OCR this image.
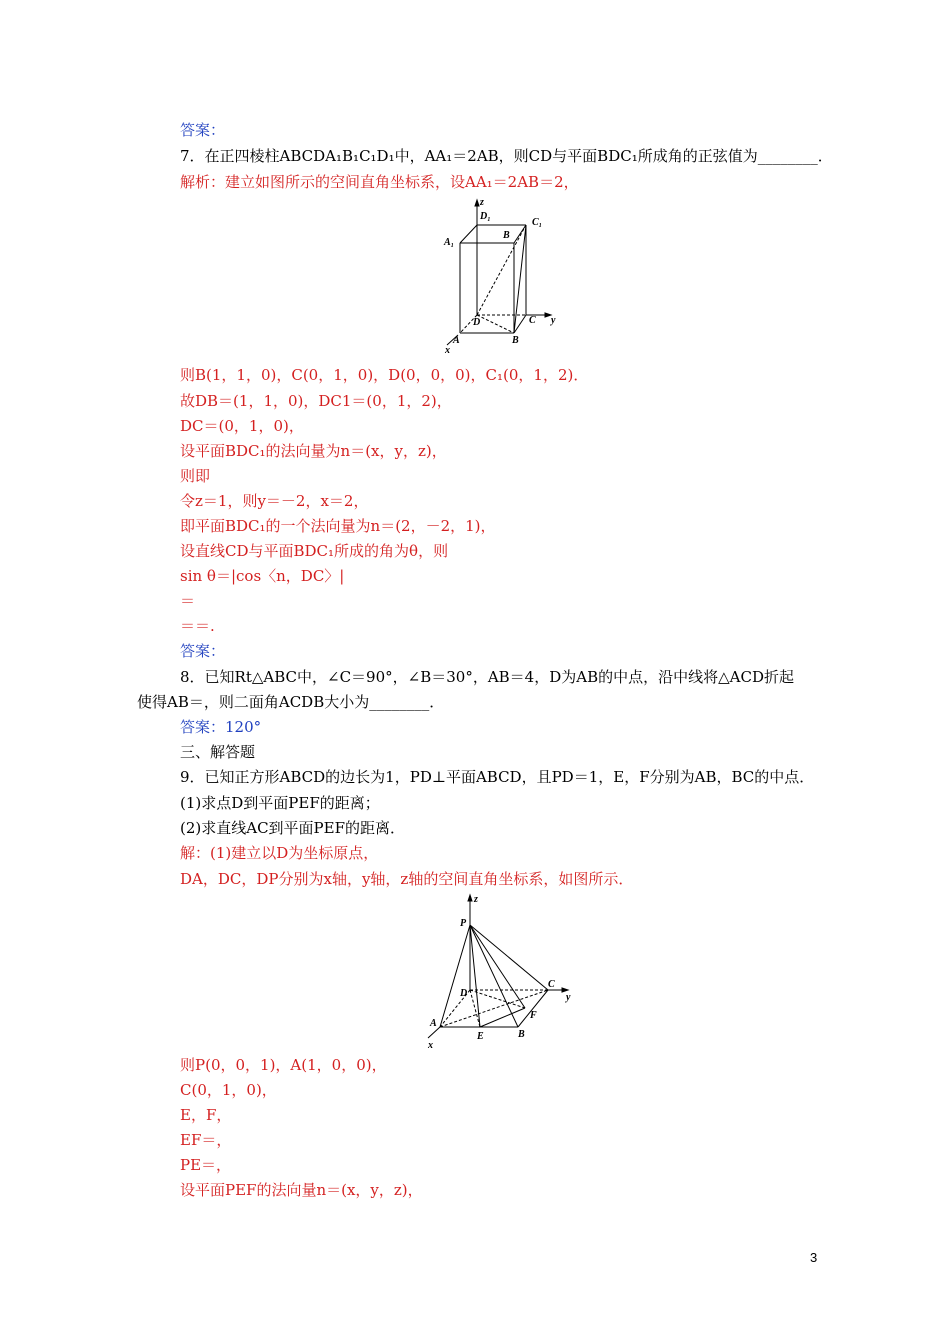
答案：
7．在正四棱柱ABCDA₁B₁C₁D₁中，AA₁＝2AB，则CD与平面BDC₁所成角的正弦值为________．
解析：建立如图所示的空间直角坐标系，设AA₁＝2AB＝2，
则B(1，1，0)，C(0，1，0)，D(0，0，0)，C₁(0，1，2)．
故DB＝(1，1，0)，DC1＝(0，1，2)，
DC＝(0，1，0)，
设平面BDC₁的法向量为n＝(x，y，z)，
则即
令z＝1，则y＝－2，x＝2，
即平面BDC₁的一个法向量为n＝(2，－2，1)，
设直线CD与平面BDC₁所成的角为θ，则
sin θ＝|cos〈n，DC〉|
＝
＝＝.
答案：
8．已知Rt△ABC中，∠C＝90°，∠B＝30°，AB＝4，D为AB的中点，沿中线将△ACD折起
使得AB＝，则二面角ACDB大小为________．
答案：120°
三、解答题
9．已知正方形ABCD的边长为1，PD⊥平面ABCD，且PD＝1，E，F分别为AB，BC的中点．
(1)求点D到平面PEF的距离；
(2)求直线AC到平面PEF的距离．
解：(1)建立以D为坐标原点，
DA，DC，DP分别为x轴，y轴，z轴的空间直角坐标系，如图所示．
则P(0，0，1)，A(1，0，0)，
C(0，1，0)，
E，F，
EF＝，
PE＝，
设平面PEF的法向量n＝(x，y，z)，
z
D₁
C₁
A₁
B
D	C y
A	B
x
z
P
C
D	y
A
F
E	B
x
3
